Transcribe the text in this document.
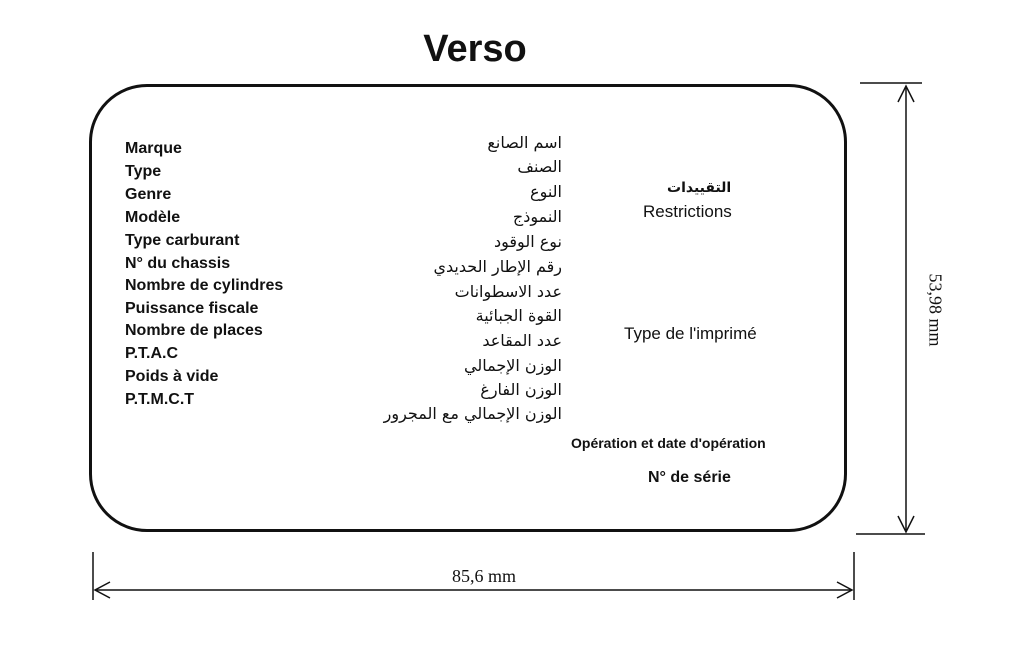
Verso
Marque
Type
Genre
Modèle
Type carburant
N° du chassis
Nombre de cylindres
Puissance fiscale
Nombre de places
P.T.A.C
Poids à vide
P.T.M.C.T
اسم الصانع
الصنف
النوع
النموذج
نوع الوقود
رقم الإطار الحديدي
عدد الاسطوانات
القوة الجبائية
عدد المقاعد
الوزن الإجمالي
الوزن الفارغ
الوزن الإجمالي مع المجرور
التقييدات
Restrictions
Type de l'imprimé
Opération et date d'opération
N° de série
53,98 mm
85,6 mm
